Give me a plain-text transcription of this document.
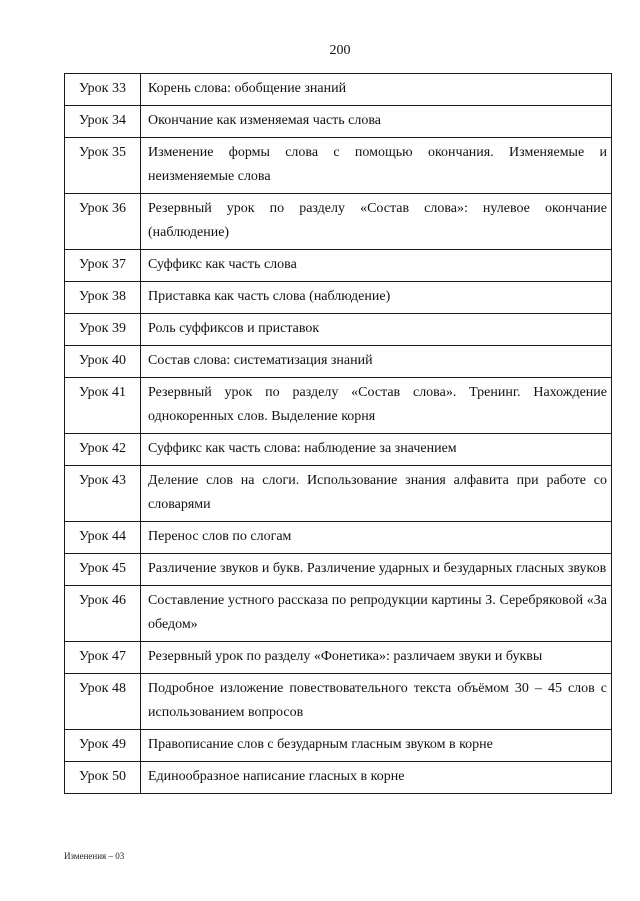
200
Урок 33	Корень слова: обобщение знаний
Урок 34	Окончание как изменяемая часть слова
Урок 35	Изменение формы слова с помощью окончания. Изменяемые и неизменяемые слова
Урок 36	Резервный урок по разделу «Состав слова»: нулевое окончание (наблюдение)
Урок 37	Суффикс как часть слова
Урок 38	Приставка как часть слова (наблюдение)
Урок 39	Роль суффиксов и приставок
Урок 40	Состав слова: систематизация знаний
Урок 41	Резервный урок по разделу «Состав слова». Тренинг. Нахождение однокоренных слов. Выделение корня
Урок 42	Суффикс как часть слова: наблюдение за значением
Урок 43	Деление слов на слоги. Использование знания алфавита при работе со словарями
Урок 44	Перенос слов по слогам
Урок 45	Различение звуков и букв. Различение ударных и безударных гласных звуков
Урок 46	Составление устного рассказа по репродукции картины З. Серебряковой «За обедом»
Урок 47	Резервный урок по разделу «Фонетика»: различаем звуки и буквы
Урок 48	Подробное изложение повествовательного текста объёмом 30 – 45 слов с использованием вопросов
Урок 49	Правописание слов с безударным гласным звуком в корне
Урок 50	Единообразное написание гласных в корне
Изменения – 03
